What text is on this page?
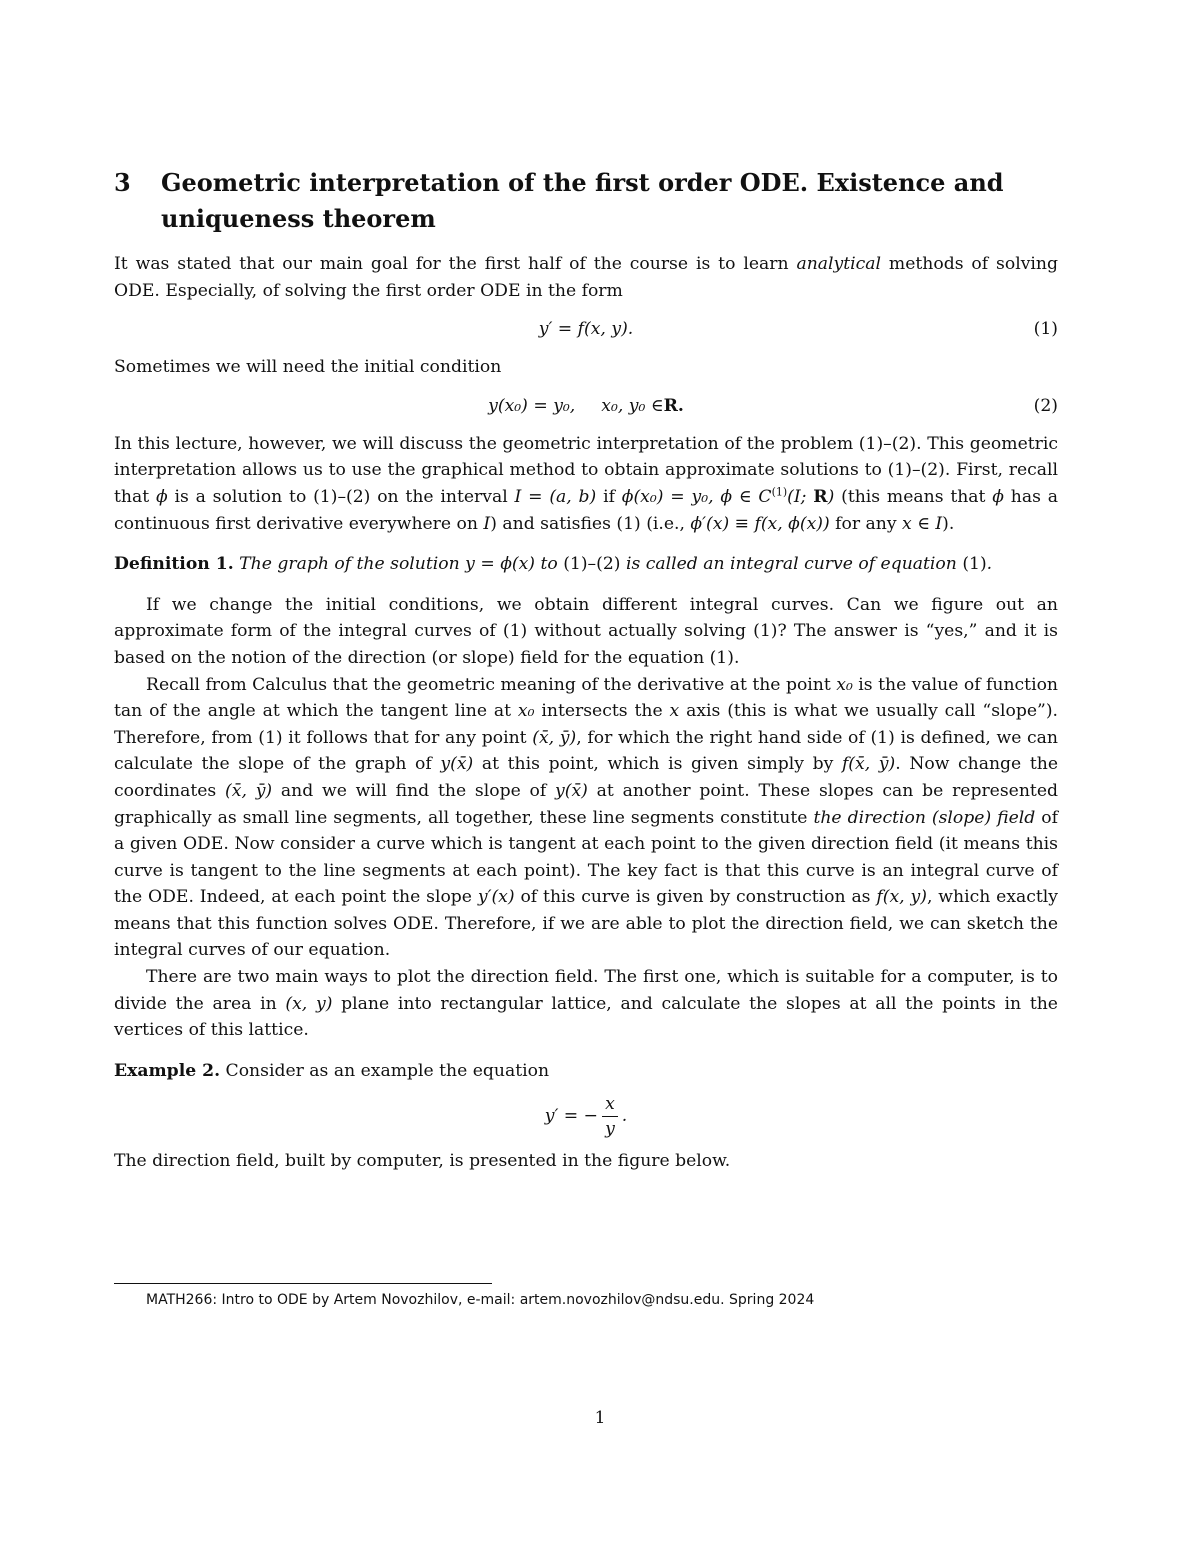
3 Geometric interpretation of the first order ODE. Existence and uniqueness theorem

It was stated that our main goal for the first half of the course is to learn analytical methods of solving ODE. Especially, of solving the first order ODE in the form

y′ = f(x, y).	(1)

Sometimes we will need the initial condition

y(x₀) = y₀, x₀, y₀ ∈ R.	(2)

In this lecture, however, we will discuss the geometric interpretation of the problem (1)–(2). This geometric interpretation allows us to use the graphical method to obtain approximate solutions to (1)–(2). First, recall that ϕ is a solution to (1)–(2) on the interval I = (a, b) if ϕ(x₀) = y₀, ϕ ∈ $C^{(1)}(I$; R) (this means that ϕ has a continuous first derivative everywhere on I) and satisfies (1) (i.e., ϕ′(x) ≡ f(x, ϕ(x)) for any x ∈ I).

Definition 1. The graph of the solution y = ϕ(x) to (1)–(2) is called an integral curve of equation (1).

If we change the initial conditions, we obtain different integral curves. Can we figure out an approximate form of the integral curves of (1) without actually solving (1)? The answer is “yes,” and it is based on the notion of the direction (or slope) field for the equation (1).

Recall from Calculus that the geometric meaning of the derivative at the point x₀ is the value of function tan of the angle at which the tangent line at x₀ intersects the x axis (this is what we usually call “slope”). Therefore, from (1) it follows that for any point (x̄, ȳ), for which the right hand side of (1) is defined, we can calculate the slope of the graph of y(x̄) at this point, which is given simply by f(x̄, ȳ). Now change the coordinates (x̄, ȳ) and we will find the slope of y(x̄) at another point. These slopes can be represented graphically as small line segments, all together, these line segments constitute the direction (slope) field of a given ODE. Now consider a curve which is tangent at each point to the given direction field (it means this curve is tangent to the line segments at each point). The key fact is that this curve is an integral curve of the ODE. Indeed, at each point the slope y′(x) of this curve is given by construction as f(x, y), which exactly means that this function solves ODE. Therefore, if we are able to plot the direction field, we can sketch the integral curves of our equation.

There are two main ways to plot the direction field. The first one, which is suitable for a computer, is to divide the area in (x, y) plane into rectangular lattice, and calculate the slopes at all the points in the vertices of this lattice.

Example 2. Consider as an example the equation

y′ = − $\frac{x}{y}$ .

The direction field, built by computer, is presented in the figure below.

MATH266: Intro to ODE by Artem Novozhilov, e-mail: artem.novozhilov@ndsu.edu. Spring 2024
1
